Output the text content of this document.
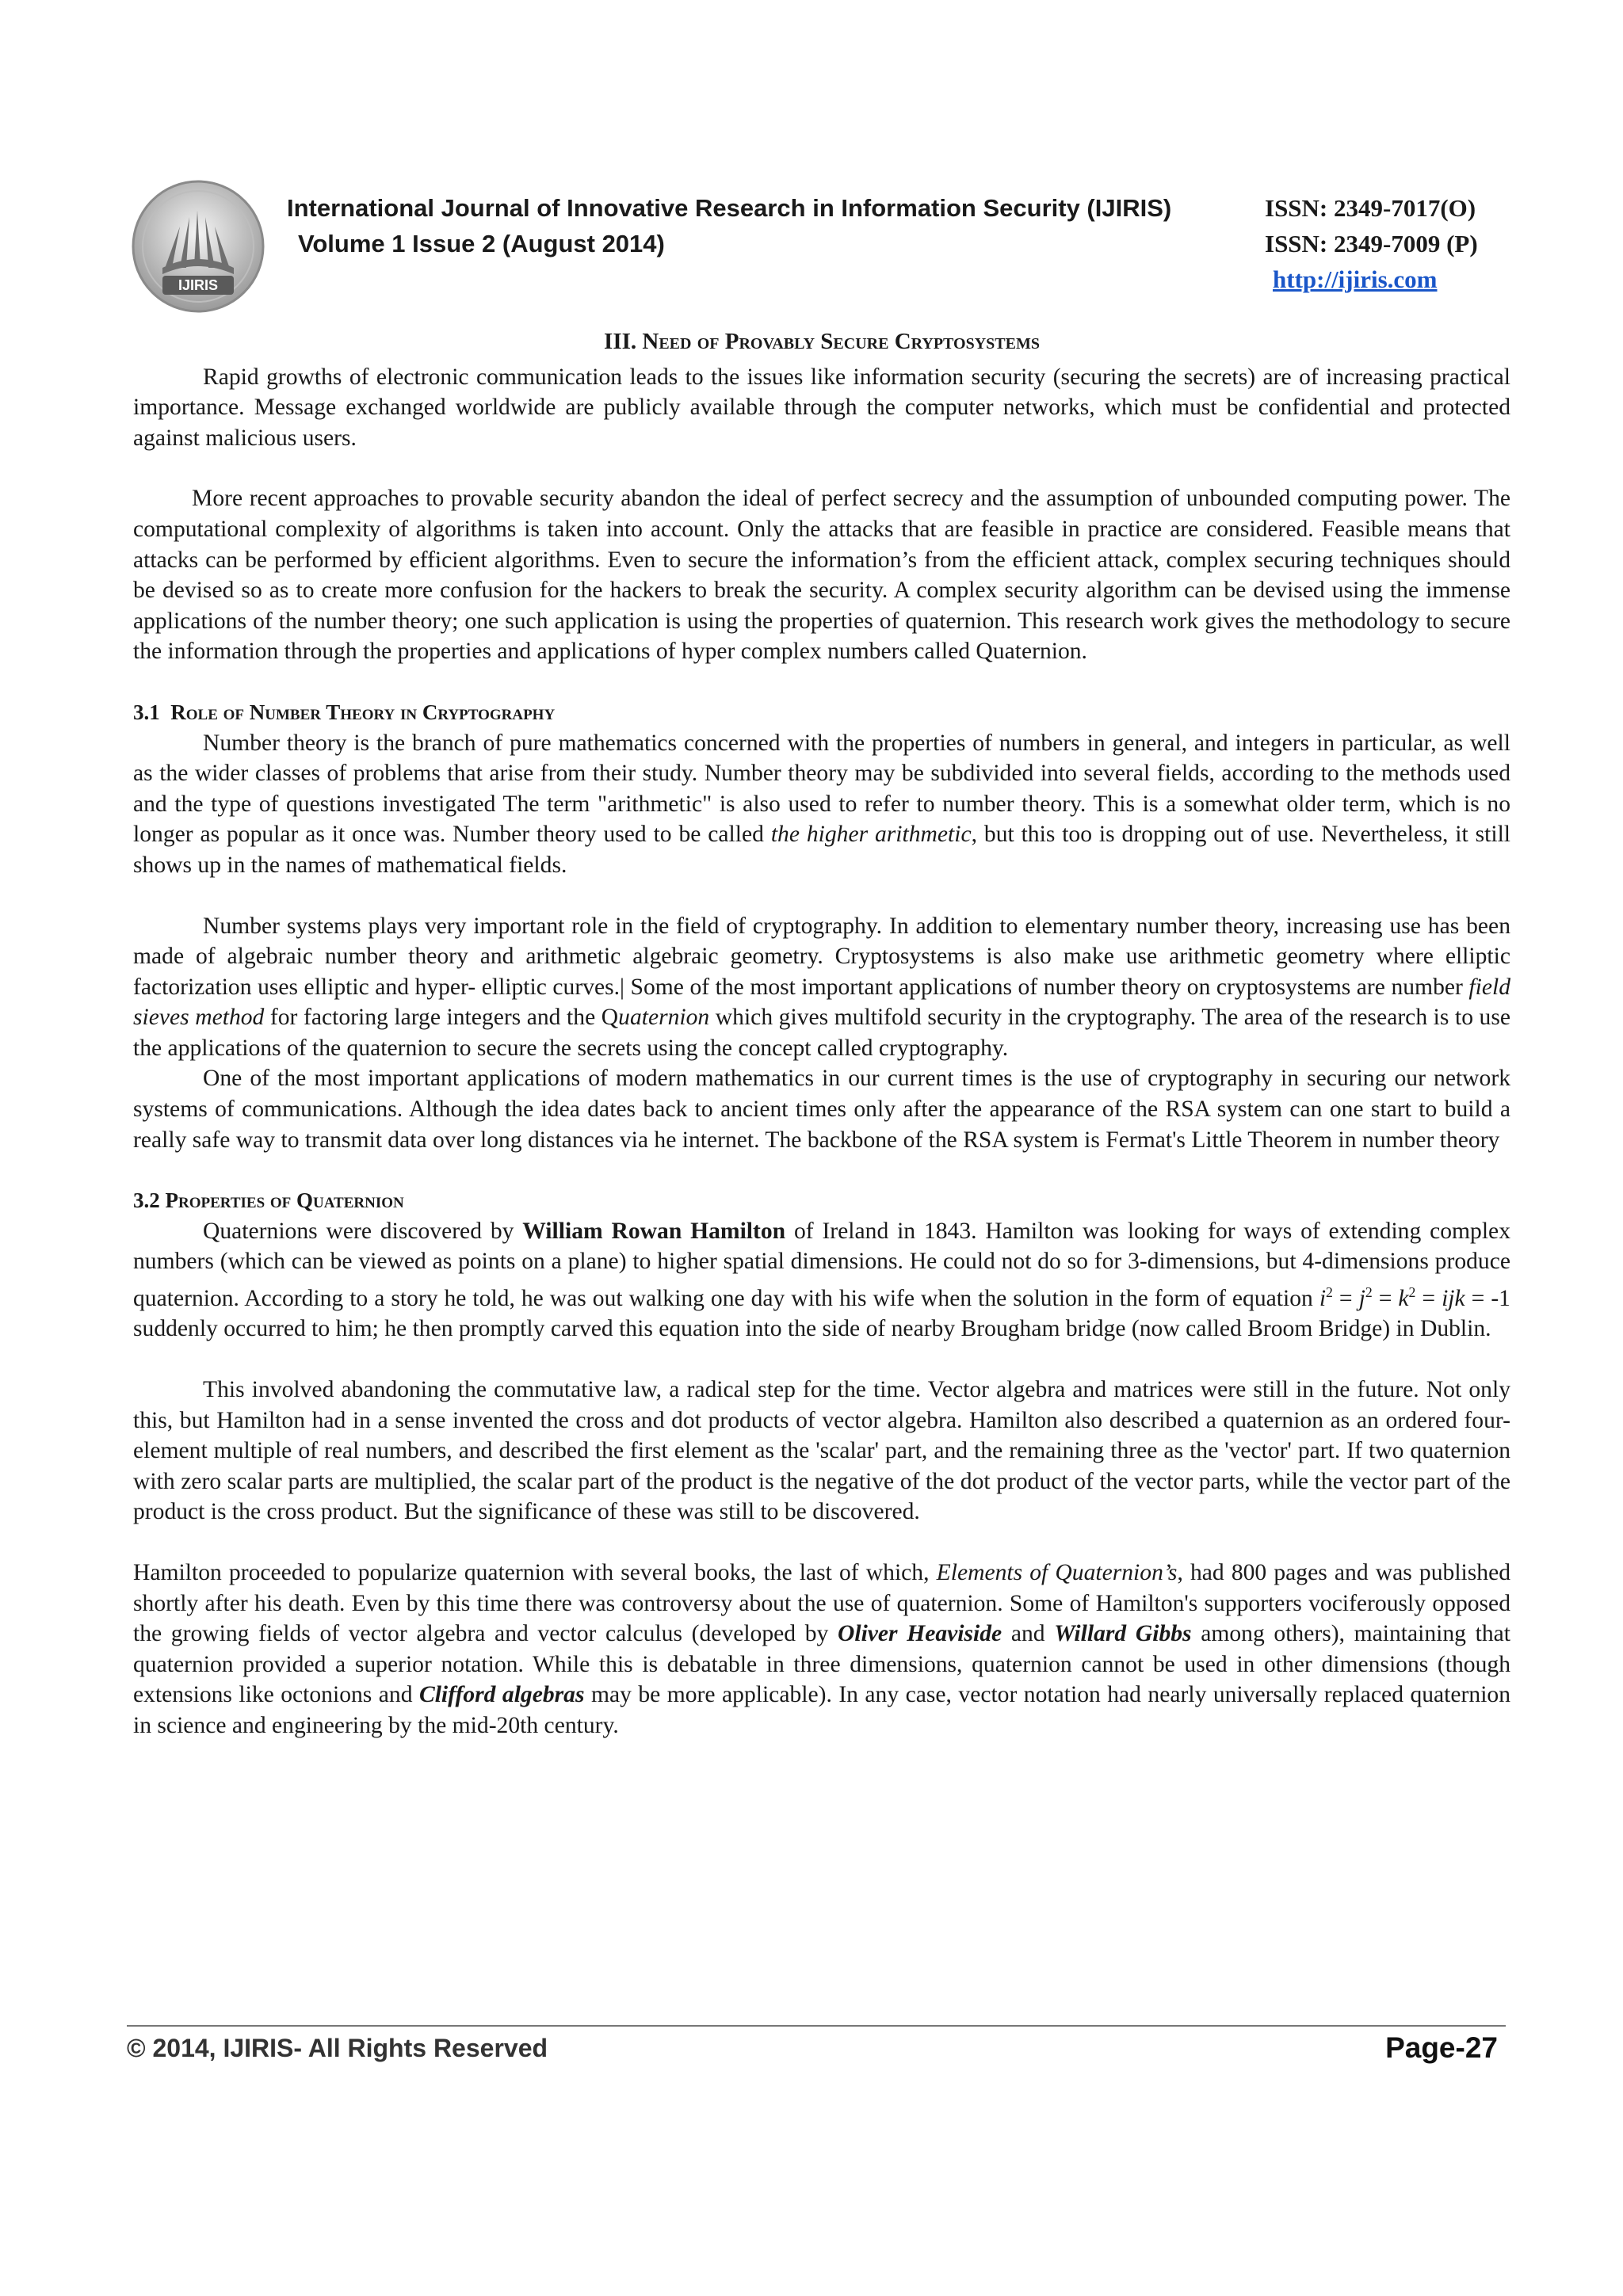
IJIRIS
International Journal of Innovative Research in Information Security (IJIRIS)
Volume 1 Issue 2 (August 2014)
ISSN: 2349-7017(O)
ISSN: 2349-7009 (P)
http://ijiris.com
III. Need of Provably Secure Cryptosystems

Rapid growths of electronic communication leads to the issues like information security (securing the secrets) are of increasing practical importance. Message exchanged worldwide are publicly available through the computer networks, which must be confidential and protected against malicious users.

More recent approaches to provable security abandon the ideal of perfect secrecy and the assumption of unbounded computing power. The computational complexity of algorithms is taken into account. Only the attacks that are feasible in practice are considered. Feasible means that attacks can be performed by efficient algorithms. Even to secure the information’s from the efficient attack, complex securing techniques should be devised so as to create more confusion for the hackers to break the security. A complex security algorithm can be devised using the immense applications of the number theory; one such application is using the properties of quaternion. This research work gives the methodology to secure the information through the properties and applications of hyper complex numbers called Quaternion.

3.1 Role of Number Theory in Cryptography

Number theory is the branch of pure mathematics concerned with the properties of numbers in general, and integers in particular, as well as the wider classes of problems that arise from their study. Number theory may be subdivided into several fields, according to the methods used and the type of questions investigated The term "arithmetic" is also used to refer to number theory. This is a somewhat older term, which is no longer as popular as it once was. Number theory used to be called the higher arithmetic, but this too is dropping out of use. Nevertheless, it still shows up in the names of mathematical fields.

Number systems plays very important role in the field of cryptography. In addition to elementary number theory, increasing use has been made of algebraic number theory and arithmetic algebraic geometry. Cryptosystems is also make use arithmetic geometry where elliptic factorization uses elliptic and hyper- elliptic curves.| Some of the most important applications of number theory on cryptosystems are number field sieves method for factoring large integers and the Quaternion which gives multifold security in the cryptography. The area of the research is to use the applications of the quaternion to secure the secrets using the concept called cryptography.

One of the most important applications of modern mathematics in our current times is the use of cryptography in securing our network systems of communications. Although the idea dates back to ancient times only after the appearance of the RSA system can one start to build a really safe way to transmit data over long distances via he internet. The backbone of the RSA system is Fermat's Little Theorem in number theory

3.2 Properties of Quaternion

Quaternions were discovered by William Rowan Hamilton of Ireland in 1843. Hamilton was looking for ways of extending complex numbers (which can be viewed as points on a plane) to higher spatial dimensions. He could not do so for 3-dimensions, but 4-dimensions produce quaternion. According to a story he told, he was out walking one day with his wife when the solution in the form of equation $i^2 = j^2 = k^2$ = ijk = -1 suddenly occurred to him; he then promptly carved this equation into the side of nearby Brougham bridge (now called Broom Bridge) in Dublin.

This involved abandoning the commutative law, a radical step for the time. Vector algebra and matrices were still in the future. Not only this, but Hamilton had in a sense invented the cross and dot products of vector algebra. Hamilton also described a quaternion as an ordered four-element multiple of real numbers, and described the first element as the 'scalar' part, and the remaining three as the 'vector' part. If two quaternion with zero scalar parts are multiplied, the scalar part of the product is the negative of the dot product of the vector parts, while the vector part of the product is the cross product. But the significance of these was still to be discovered.

Hamilton proceeded to popularize quaternion with several books, the last of which, Elements of Quaternion’s, had 800 pages and was published shortly after his death. Even by this time there was controversy about the use of quaternion. Some of Hamilton's supporters vociferously opposed the growing fields of vector algebra and vector calculus (developed by Oliver Heaviside and Willard Gibbs among others), maintaining that quaternion provided a superior notation. While this is debatable in three dimensions, quaternion cannot be used in other dimensions (though extensions like octonions and Clifford algebras may be more applicable). In any case, vector notation had nearly universally replaced quaternion in science and engineering by the mid-20th century.

© 2014, IJIRIS- All Rights Reserved	Page-27
